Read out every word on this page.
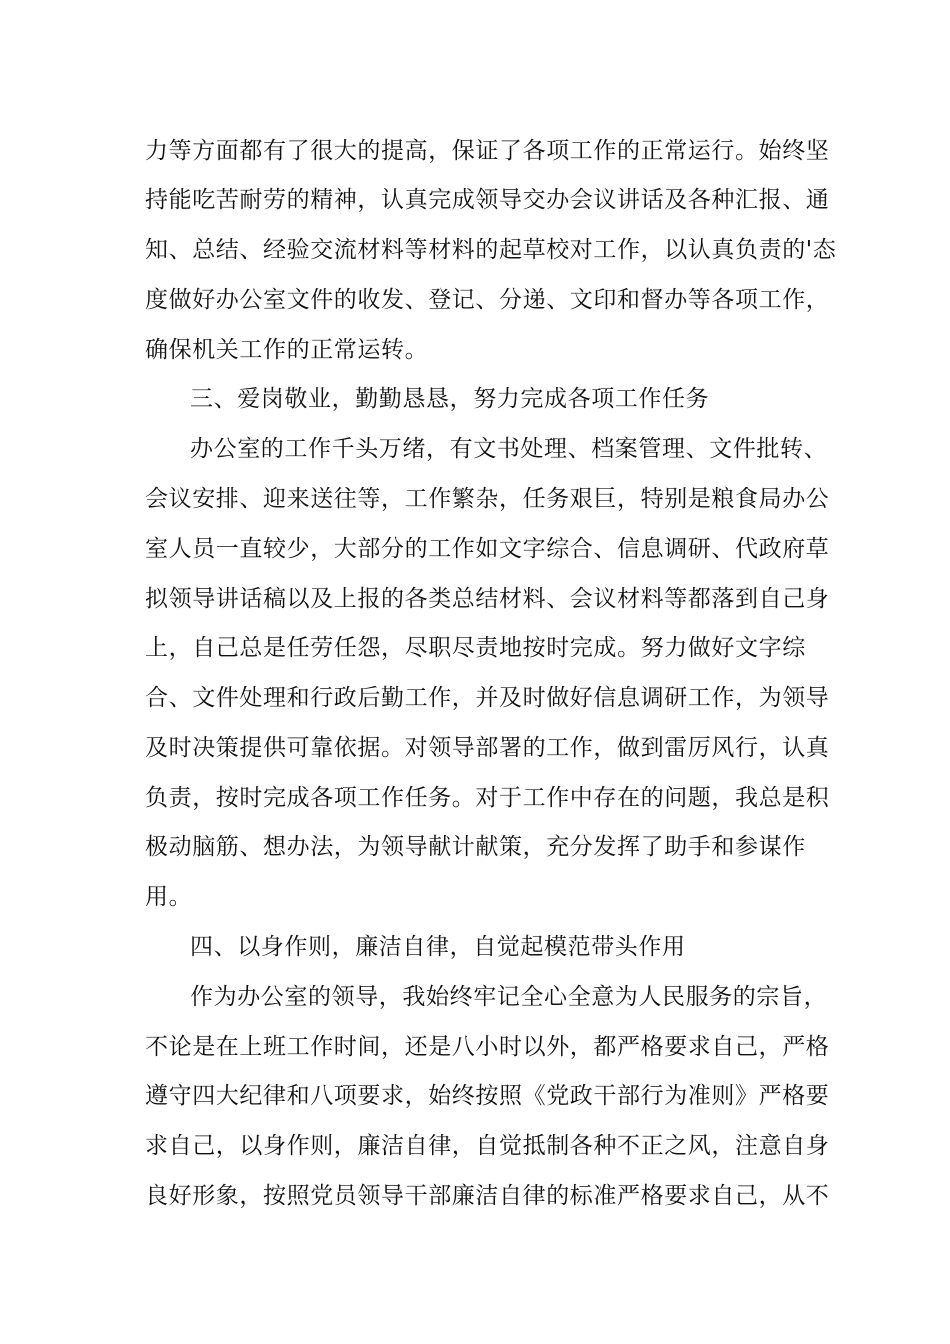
力等方面都有了很大的提高，保证了各项工作的正常运行。始终坚
持能吃苦耐劳的精神，认真完成领导交办会议讲话及各种汇报、通
知、总结、经验交流材料等材料的起草校对工作，以认真负责的'态
度做好办公室文件的收发、登记、分递、文印和督办等各项工作，
确保机关工作的正常运转。
三、爱岗敬业，勤勤恳恳，努力完成各项工作任务
办公室的工作千头万绪，有文书处理、档案管理、文件批转、
会议安排、迎来送往等，工作繁杂，任务艰巨，特别是粮食局办公
室人员一直较少，大部分的工作如文字综合、信息调研、代政府草
拟领导讲话稿以及上报的各类总结材料、会议材料等都落到自己身
上，自己总是任劳任怨，尽职尽责地按时完成。努力做好文字综
合、文件处理和行政后勤工作，并及时做好信息调研工作，为领导
及时决策提供可靠依据。对领导部署的工作，做到雷厉风行，认真
负责，按时完成各项工作任务。对于工作中存在的问题，我总是积
极动脑筋、想办法，为领导献计献策，充分发挥了助手和参谋作
用。
四、以身作则，廉洁自律，自觉起模范带头作用
作为办公室的领导，我始终牢记全心全意为人民服务的宗旨，
不论是在上班工作时间，还是八小时以外，都严格要求自己，严格
遵守四大纪律和八项要求，始终按照《党政干部行为准则》严格要
求自己，以身作则，廉洁自律，自觉抵制各种不正之风，注意自身
良好形象，按照党员领导干部廉洁自律的标准严格要求自己，从不
